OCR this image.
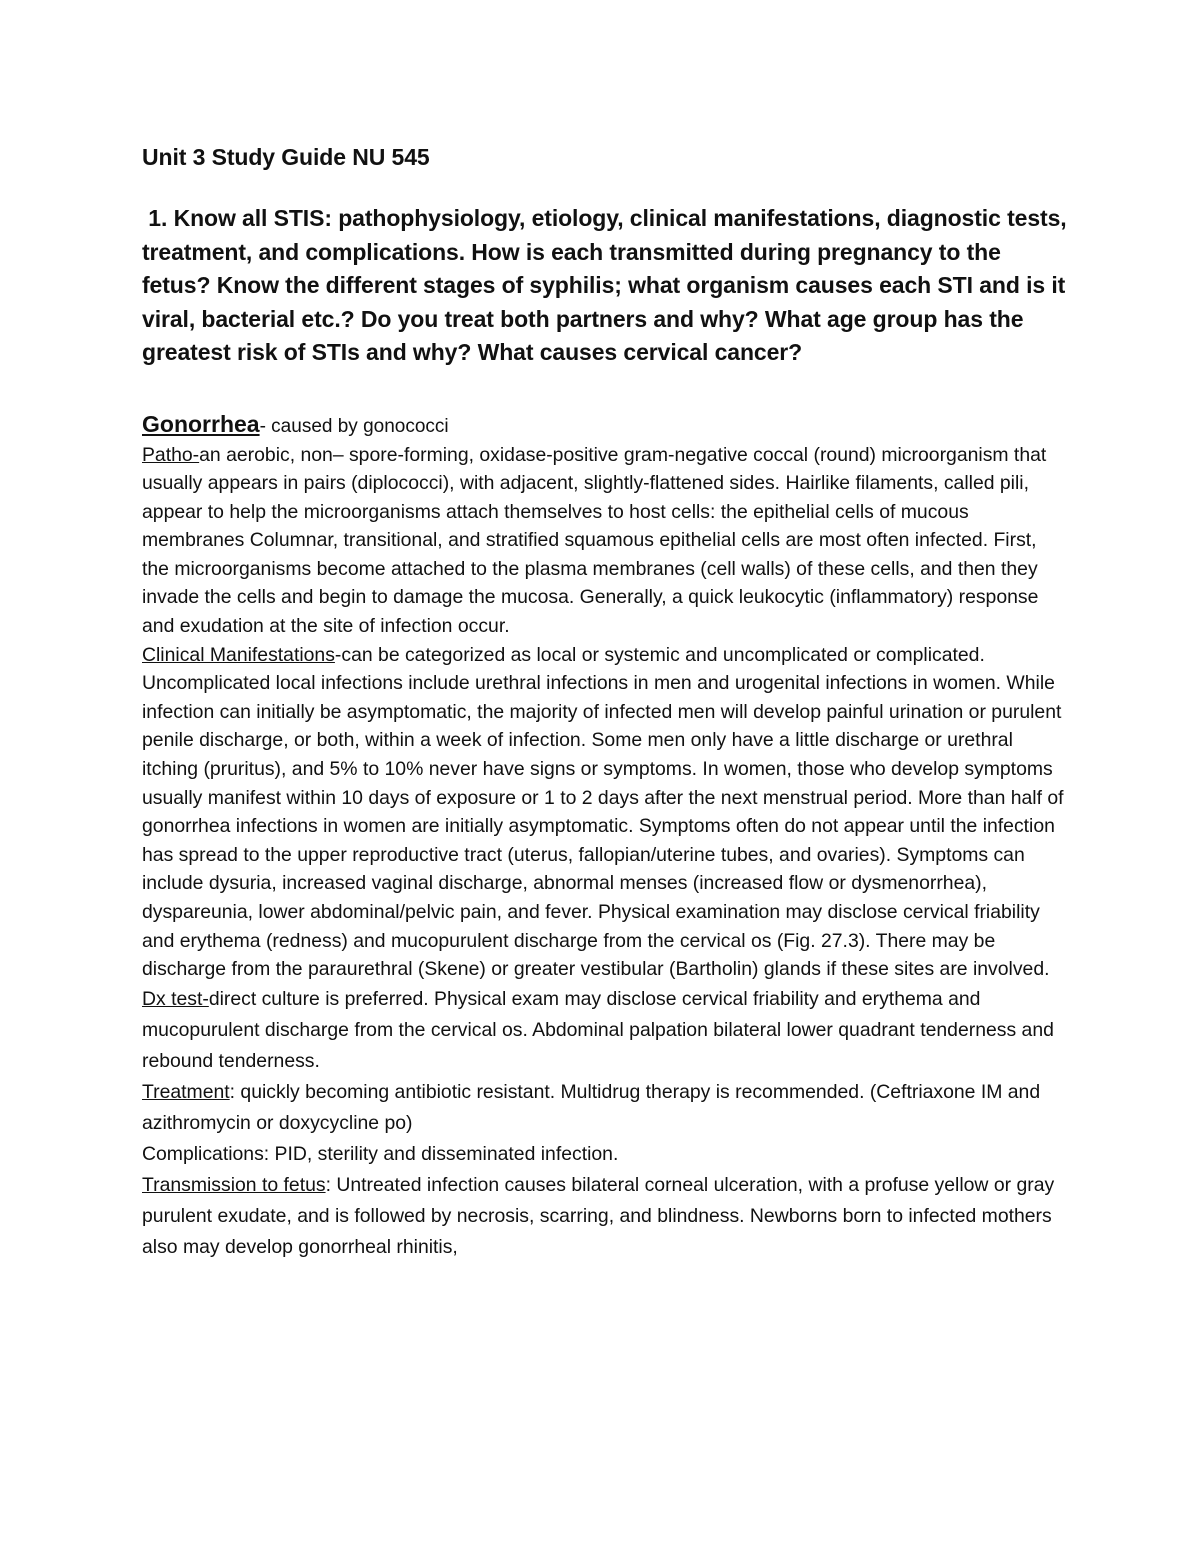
Unit 3 Study Guide NU 545
1. Know all STIS: pathophysiology, etiology, clinical manifestations, diagnostic tests, treatment, and complications. How is each transmitted during pregnancy to the fetus? Know the different stages of syphilis; what organism causes each STI and is it viral, bacterial etc.? Do you treat both partners and why? What age group has the greatest risk of STIs and why? What causes cervical cancer?

Gonorrhea- caused by gonococci

Patho-an aerobic, non– spore-forming, oxidase-positive gram-negative coccal (round) microorganism that usually appears in pairs (diplococci), with adjacent, slightly-flattened sides. Hairlike filaments, called pili, appear to help the microorganisms attach themselves to host cells: the epithelial cells of mucous membranes Columnar, transitional, and stratified squamous epithelial cells are most often infected. First, the microorganisms become attached to the plasma membranes (cell walls) of these cells, and then they invade the cells and begin to damage the mucosa. Generally, a quick leukocytic (inflammatory) response and exudation at the site of infection occur.

Clinical Manifestations-can be categorized as local or systemic and uncomplicated or complicated. Uncomplicated local infections include urethral infections in men and urogenital infections in women. While infection can initially be asymptomatic, the majority of infected men will develop painful urination or purulent penile discharge, or both, within a week of infection. Some men only have a little discharge or urethral itching (pruritus), and 5% to 10% never have signs or symptoms. In women, those who develop symptoms usually manifest within 10 days of exposure or 1 to 2 days after the next menstrual period. More than half of gonorrhea infections in women are initially asymptomatic. Symptoms often do not appear until the infection has spread to the upper reproductive tract (uterus, fallopian/uterine tubes, and ovaries). Symptoms can include dysuria, increased vaginal discharge, abnormal menses (increased flow or dysmenorrhea), dyspareunia, lower abdominal/pelvic pain, and fever. Physical examination may disclose cervical friability and erythema (redness) and mucopurulent discharge from the cervical os (Fig. 27.3). There may be discharge from the paraurethral (Skene) or greater vestibular (Bartholin) glands if these sites are involved.

Dx test-direct culture is preferred. Physical exam may disclose cervical friability and erythema and mucopurulent discharge from the cervical os. Abdominal palpation bilateral lower quadrant tenderness and rebound tenderness.

Treatment: quickly becoming antibiotic resistant. Multidrug therapy is recommended. (Ceftriaxone IM and azithromycin or doxycycline po)

Complications: PID, sterility and disseminated infection.

Transmission to fetus: Untreated infection causes bilateral corneal ulceration, with a profuse yellow or gray purulent exudate, and is followed by necrosis, scarring, and blindness. Newborns born to infected mothers also may develop gonorrheal rhinitis,
